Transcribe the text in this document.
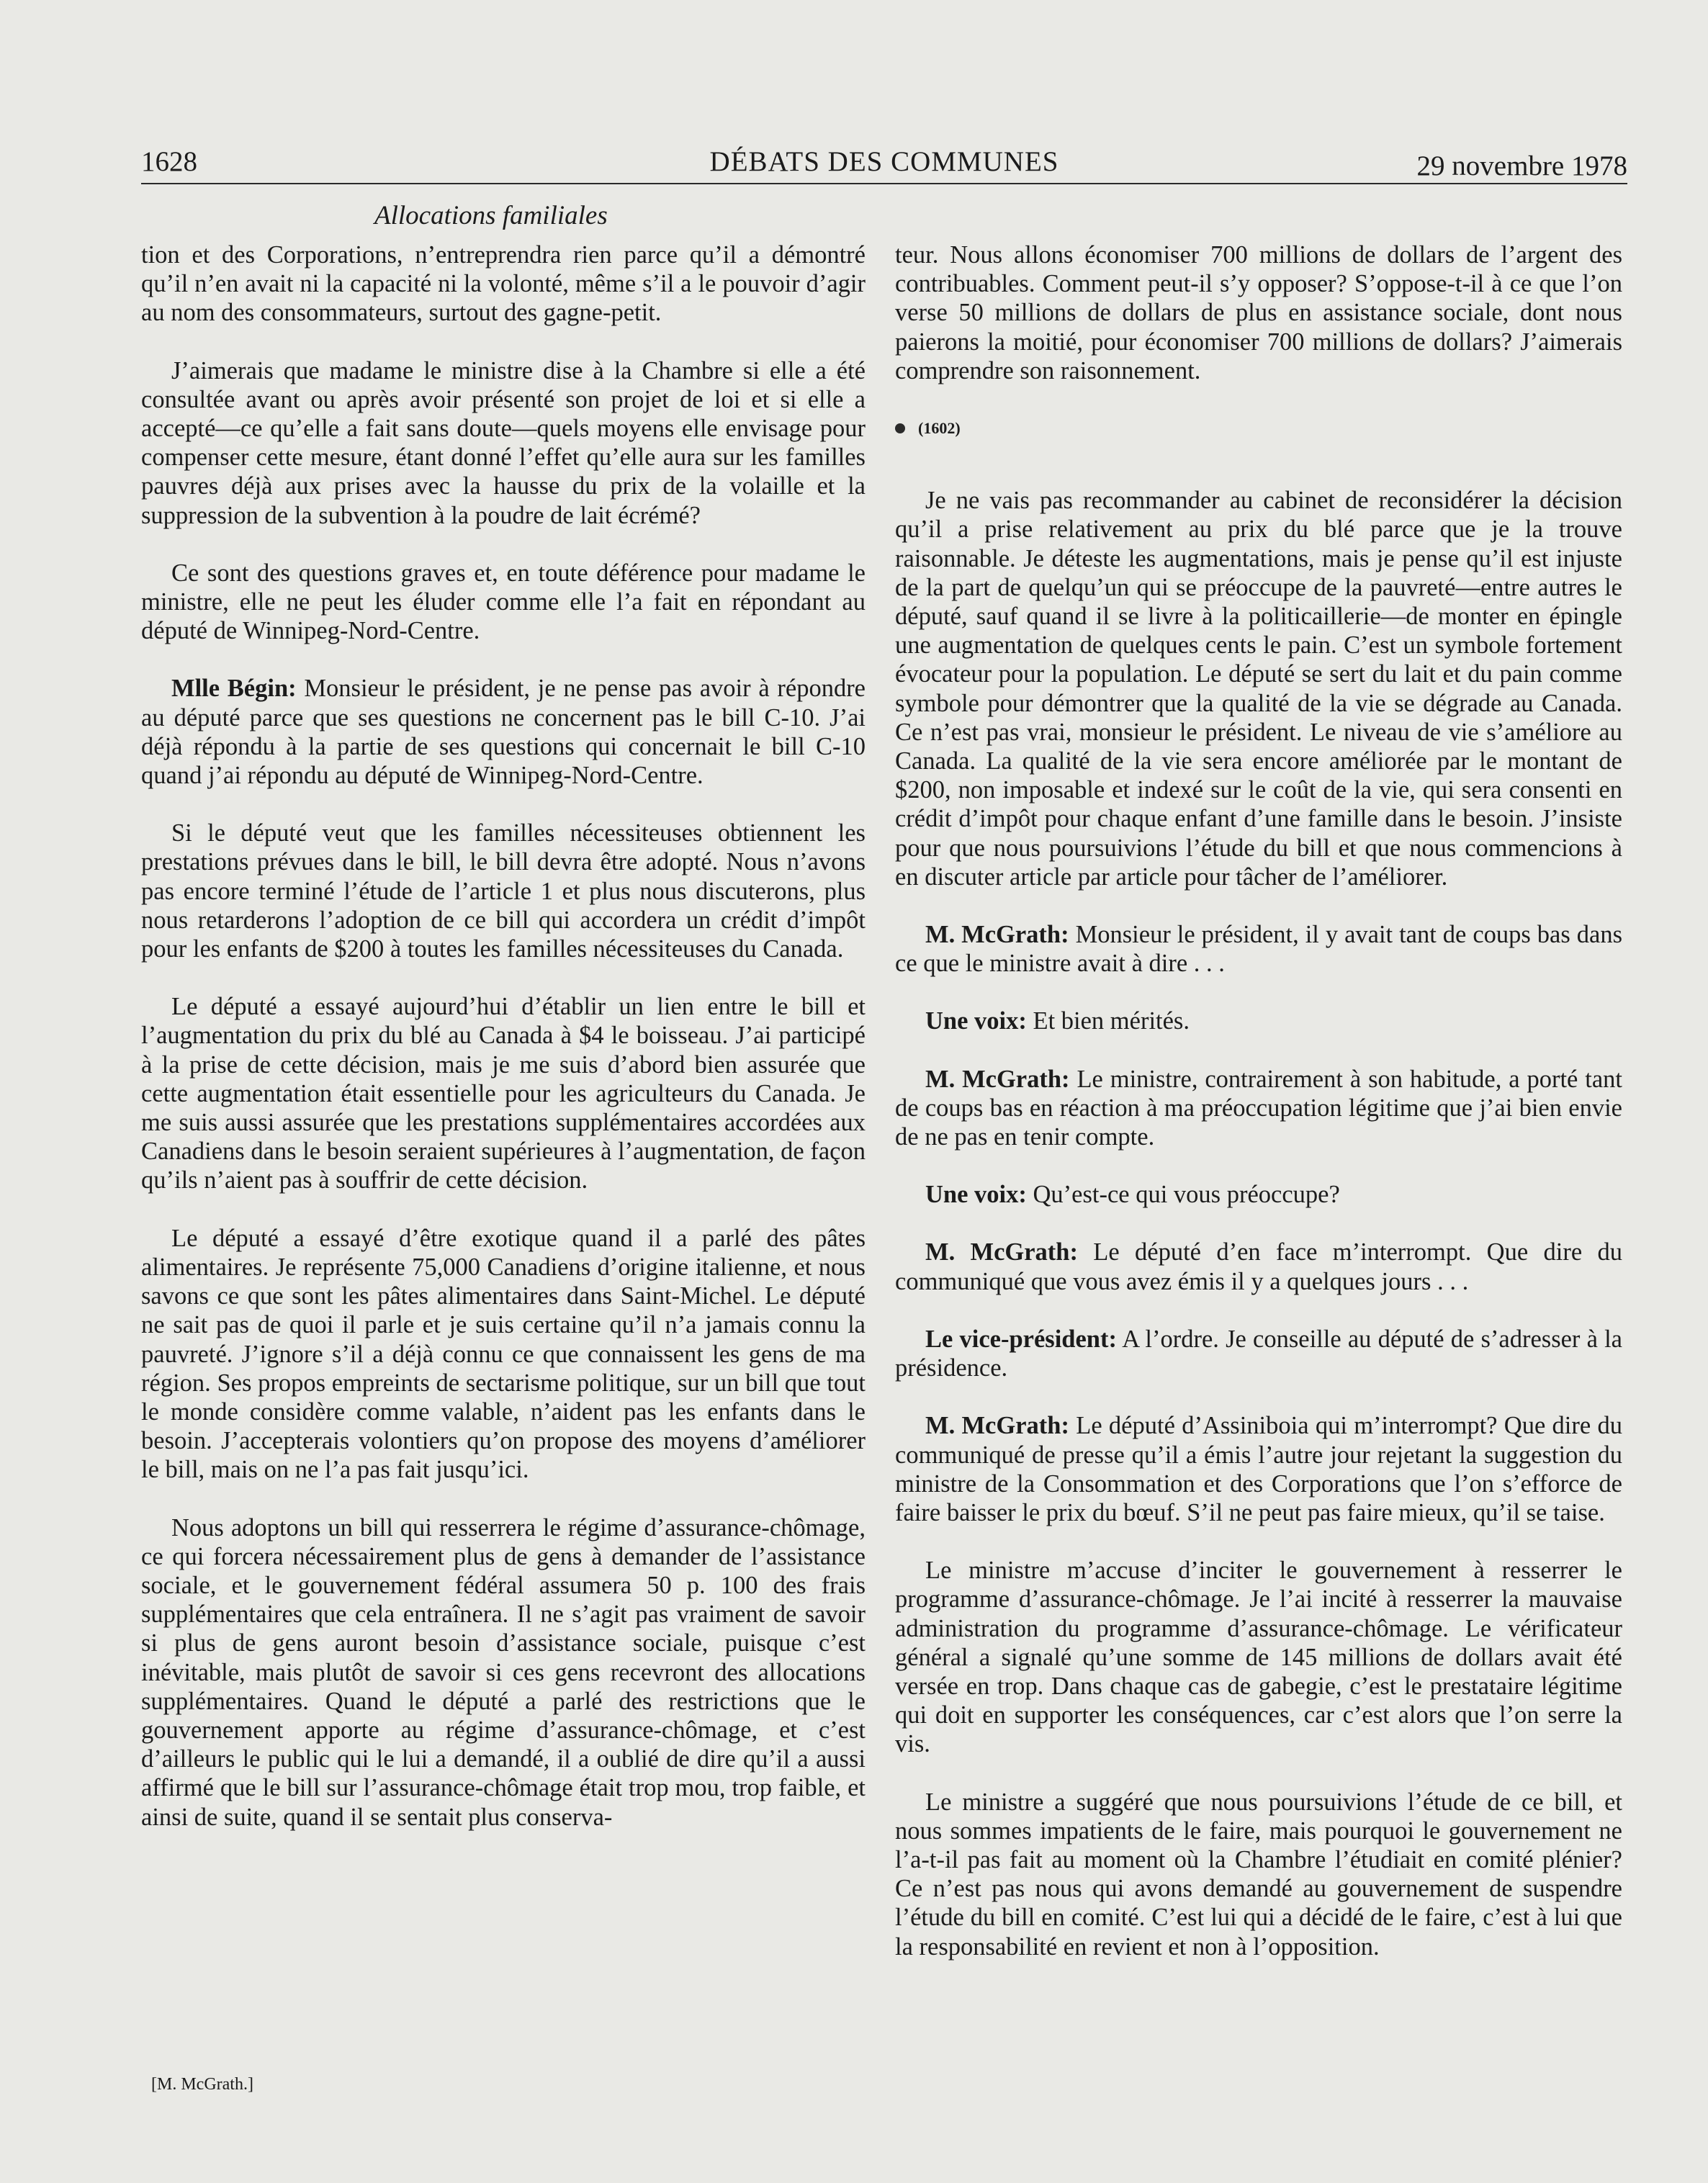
1628	DÉBATS DES COMMUNES	29 novembre 1978
Allocations familiales

tion et des Corporations, n’entreprendra rien parce qu’il a démontré qu’il n’en avait ni la capacité ni la volonté, même s’il a le pouvoir d’agir au nom des consommateurs, surtout des gagne-petit.

J’aimerais que madame le ministre dise à la Chambre si elle a été consultée avant ou après avoir présenté son projet de loi et si elle a accepté—ce qu’elle a fait sans doute—quels moyens elle envisage pour compenser cette mesure, étant donné l’effet qu’elle aura sur les familles pauvres déjà aux prises avec la hausse du prix de la volaille et la suppression de la subvention à la poudre de lait écrémé?

Ce sont des questions graves et, en toute déférence pour madame le ministre, elle ne peut les éluder comme elle l’a fait en répondant au député de Winnipeg-Nord-Centre.

Mlle Bégin: Monsieur le président, je ne pense pas avoir à répondre au député parce que ses questions ne concernent pas le bill C-10. J’ai déjà répondu à la partie de ses questions qui concernait le bill C-10 quand j’ai répondu au député de Winnipeg-Nord-Centre.

Si le député veut que les familles nécessiteuses obtiennent les prestations prévues dans le bill, le bill devra être adopté. Nous n’avons pas encore terminé l’étude de l’article 1 et plus nous discuterons, plus nous retarderons l’adoption de ce bill qui accordera un crédit d’impôt pour les enfants de $200 à toutes les familles nécessiteuses du Canada.

Le député a essayé aujourd’hui d’établir un lien entre le bill et l’augmentation du prix du blé au Canada à $4 le boisseau. J’ai participé à la prise de cette décision, mais je me suis d’abord bien assurée que cette augmentation était essentielle pour les agriculteurs du Canada. Je me suis aussi assurée que les prestations supplémentaires accordées aux Canadiens dans le besoin seraient supérieures à l’augmentation, de façon qu’ils n’aient pas à souffrir de cette décision.

Le député a essayé d’être exotique quand il a parlé des pâtes alimentaires. Je représente 75,000 Canadiens d’origine italienne, et nous savons ce que sont les pâtes alimentaires dans Saint-Michel. Le député ne sait pas de quoi il parle et je suis certaine qu’il n’a jamais connu la pauvreté. J’ignore s’il a déjà connu ce que connaissent les gens de ma région. Ses propos empreints de sectarisme politique, sur un bill que tout le monde considère comme valable, n’aident pas les enfants dans le besoin. J’accepterais volontiers qu’on propose des moyens d’améliorer le bill, mais on ne l’a pas fait jusqu’ici.

Nous adoptons un bill qui resserrera le régime d’assurance-chômage, ce qui forcera nécessairement plus de gens à demander de l’assistance sociale, et le gouvernement fédéral assumera 50 p. 100 des frais supplémentaires que cela entraînera. Il ne s’agit pas vraiment de savoir si plus de gens auront besoin d’assistance sociale, puisque c’est inévitable, mais plutôt de savoir si ces gens recevront des allocations supplémentaires. Quand le député a parlé des restrictions que le gouvernement apporte au régime d’assurance-chômage, et c’est d’ailleurs le public qui le lui a demandé, il a oublié de dire qu’il a aussi affirmé que le bill sur l’assurance-chômage était trop mou, trop faible, et ainsi de suite, quand il se sentait plus conserva-

teur. Nous allons économiser 700 millions de dollars de l’argent des contribuables. Comment peut-il s’y opposer? S’oppose-t-il à ce que l’on verse 50 millions de dollars de plus en assistance sociale, dont nous paierons la moitié, pour économiser 700 millions de dollars? J’aimerais comprendre son raisonnement.

(1602)

Je ne vais pas recommander au cabinet de reconsidérer la décision qu’il a prise relativement au prix du blé parce que je la trouve raisonnable. Je déteste les augmentations, mais je pense qu’il est injuste de la part de quelqu’un qui se préoccupe de la pauvreté—entre autres le député, sauf quand il se livre à la politicaillerie—de monter en épingle une augmentation de quelques cents le pain. C’est un symbole fortement évocateur pour la population. Le député se sert du lait et du pain comme symbole pour démontrer que la qualité de la vie se dégrade au Canada. Ce n’est pas vrai, monsieur le président. Le niveau de vie s’améliore au Canada. La qualité de la vie sera encore améliorée par le montant de $200, non imposable et indexé sur le coût de la vie, qui sera consenti en crédit d’impôt pour chaque enfant d’une famille dans le besoin. J’insiste pour que nous poursuivions l’étude du bill et que nous commencions à en discuter article par article pour tâcher de l’améliorer.

M. McGrath: Monsieur le président, il y avait tant de coups bas dans ce que le ministre avait à dire . . .

Une voix: Et bien mérités.

M. McGrath: Le ministre, contrairement à son habitude, a porté tant de coups bas en réaction à ma préoccupation légitime que j’ai bien envie de ne pas en tenir compte.

Une voix: Qu’est-ce qui vous préoccupe?

M. McGrath: Le député d’en face m’interrompt. Que dire du communiqué que vous avez émis il y a quelques jours . . .

Le vice-président: A l’ordre. Je conseille au député de s’adresser à la présidence.

M. McGrath: Le député d’Assiniboia qui m’interrompt? Que dire du communiqué de presse qu’il a émis l’autre jour rejetant la suggestion du ministre de la Consommation et des Corporations que l’on s’efforce de faire baisser le prix du bœuf. S’il ne peut pas faire mieux, qu’il se taise.

Le ministre m’accuse d’inciter le gouvernement à resserrer le programme d’assurance-chômage. Je l’ai incité à resserrer la mauvaise administration du programme d’assurance-chômage. Le vérificateur général a signalé qu’une somme de 145 millions de dollars avait été versée en trop. Dans chaque cas de gabegie, c’est le prestataire légitime qui doit en supporter les conséquences, car c’est alors que l’on serre la vis.

Le ministre a suggéré que nous poursuivions l’étude de ce bill, et nous sommes impatients de le faire, mais pourquoi le gouvernement ne l’a-t-il pas fait au moment où la Chambre l’étudiait en comité plénier? Ce n’est pas nous qui avons demandé au gouvernement de suspendre l’étude du bill en comité. C’est lui qui a décidé de le faire, c’est à lui que la responsabilité en revient et non à l’opposition.

[M. McGrath.]
